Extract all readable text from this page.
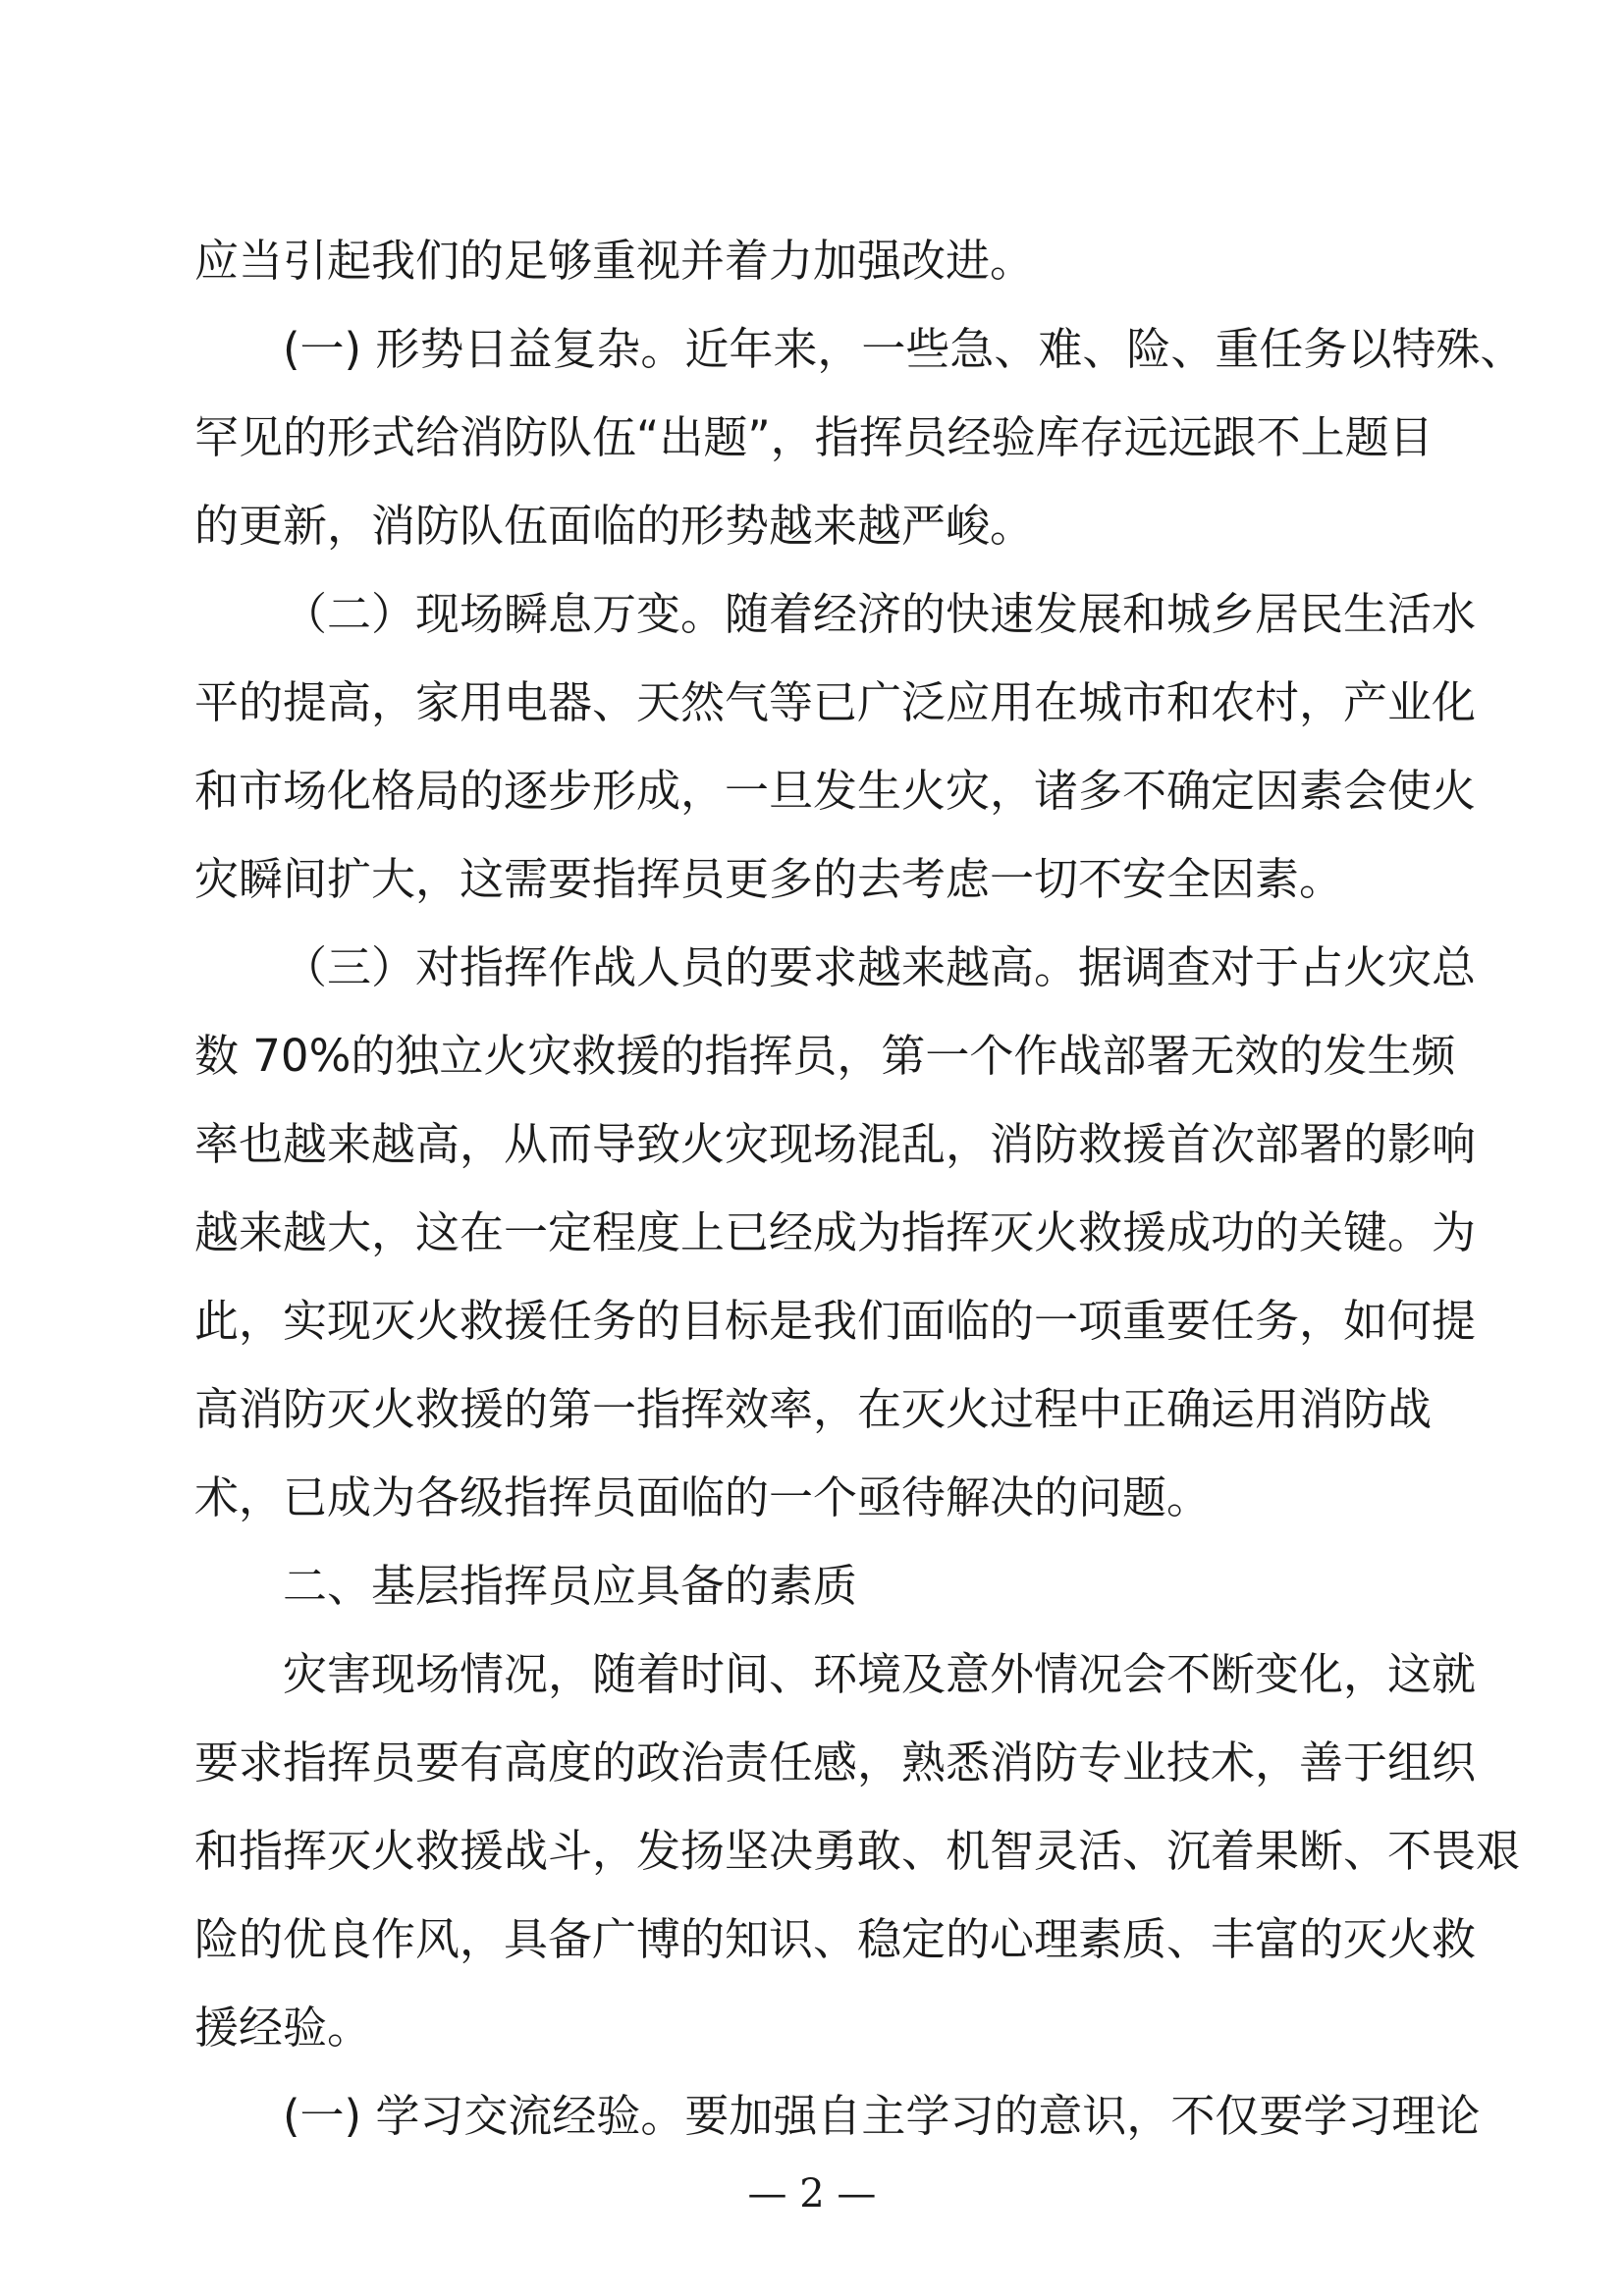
应当引起我们的足够重视并着力加强改进。
(一) 形势日益复杂。近年来，一些急、难、险、重任务以特殊、
罕见的形式给消防队伍“出题”，指挥员经验库存远远跟不上题目
的更新，消防队伍面临的形势越来越严峻。
（二）现场瞬息万变。随着经济的快速发展和城乡居民生活水
平的提高，家用电器、天然气等已广泛应用在城市和农村，产业化
和市场化格局的逐步形成，一旦发生火灾，诸多不确定因素会使火
灾瞬间扩大，这需要指挥员更多的去考虑一切不安全因素。
（三）对指挥作战人员的要求越来越高。据调查对于占火灾总
数 70%的独立火灾救援的指挥员，第一个作战部署无效的发生频
率也越来越高，从而导致火灾现场混乱，消防救援首次部署的影响
越来越大，这在一定程度上已经成为指挥灭火救援成功的关键。为
此，实现灭火救援任务的目标是我们面临的一项重要任务，如何提
高消防灭火救援的第一指挥效率，在灭火过程中正确运用消防战
术，已成为各级指挥员面临的一个亟待解决的问题。
二、基层指挥员应具备的素质
灾害现场情况，随着时间、环境及意外情况会不断变化，这就
要求指挥员要有高度的政治责任感，熟悉消防专业技术，善于组织
和指挥灭火救援战斗，发扬坚决勇敢、机智灵活、沉着果断、不畏艰
险的优良作风，具备广博的知识、稳定的心理素质、丰富的灭火救
援经验。
(一) 学习交流经验。要加强自主学习的意识，不仅要学习理论
— 2 —
